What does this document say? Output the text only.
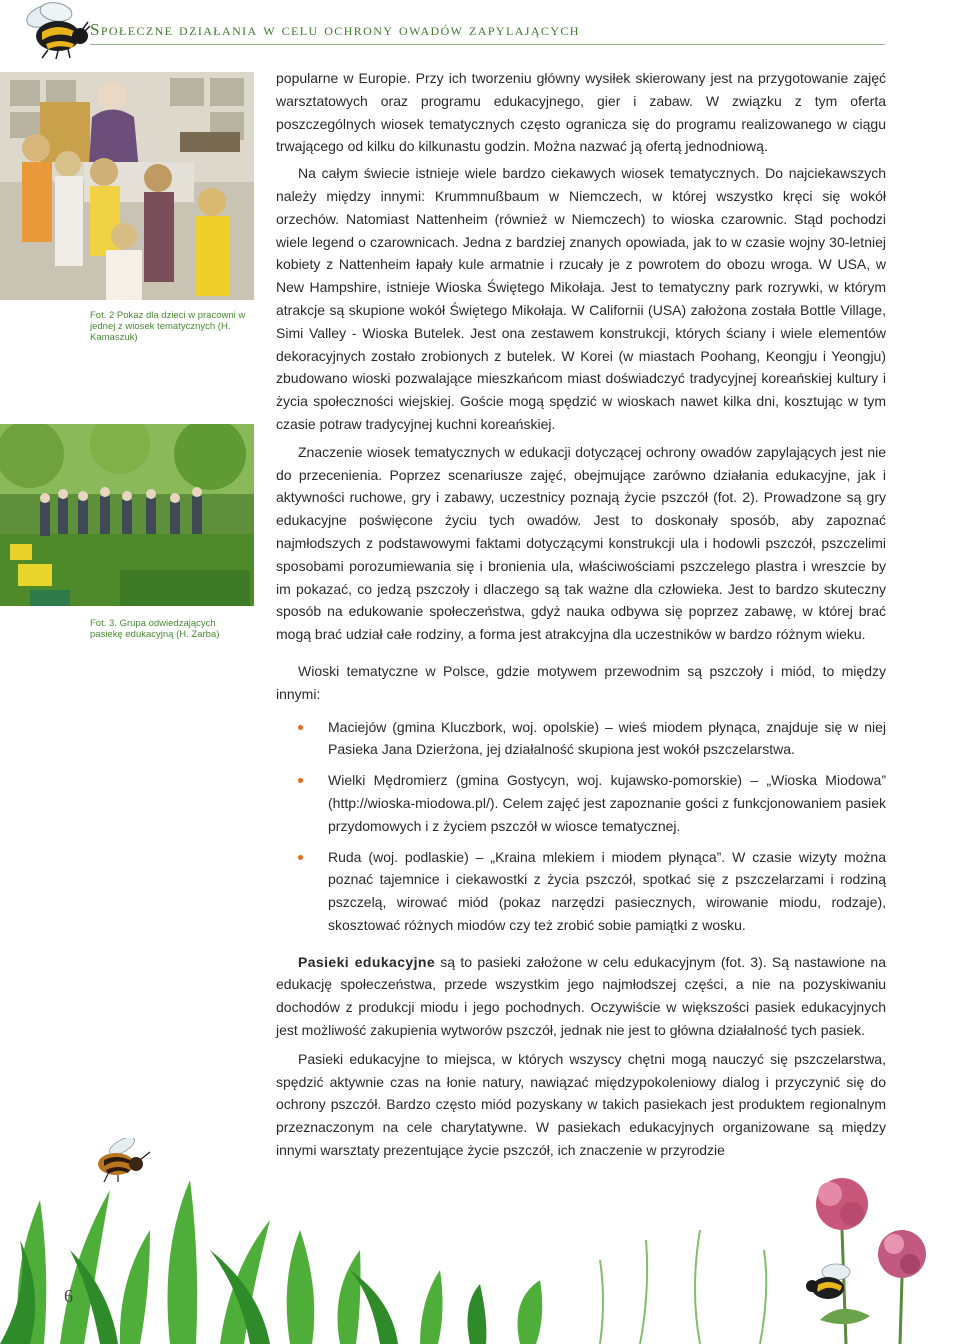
Społeczne działania w celu ochrony owadów zapylających
Fot. 2 Pokaz dla dzieci w pracowni w jednej z wiosek tematycznych (H. Kamaszuk)
Fot. 3. Grupa odwiedzających pasiekę edukacyjną (H. Zarba)

popularne w Europie. Przy ich tworzeniu główny wysiłek skierowany jest na przygotowanie zajęć warsztatowych oraz programu edukacyjnego, gier i zabaw. W związku z tym oferta poszczególnych wiosek tematycznych często ogranicza się do programu realizowanego w ciągu trwającego od kilku do kilkunastu godzin. Można nazwać ją ofertą jednodniową.

Na całym świecie istnieje wiele bardzo ciekawych wiosek tematycznych. Do najciekawszych należy między innymi: Krummnußbaum w Niemczech, w której wszystko kręci się wokół orzechów. Natomiast Nattenheim (również w Niemczech) to wioska czarownic. Stąd pochodzi wiele legend o czarownicach. Jedna z bardziej znanych opowiada, jak to w czasie wojny 30-letniej kobiety z Nattenheim łapały kule armatnie i rzucały je z powrotem do obozu wroga. W USA, w New Hampshire, istnieje Wioska Świętego Mikołaja. Jest to tematyczny park rozrywki, w którym atrakcje są skupione wokół Świętego Mikołaja. W Californii (USA) założona została Bottle Village, Simi Valley - Wioska Butelek. Jest ona zestawem konstrukcji, których ściany i wiele elementów dekoracyjnych zostało zrobionych z butelek. W Korei (w miastach Poohang, Keongju i Yeongju) zbudowano wioski pozwalające mieszkańcom miast doświadczyć tradycyjnej koreańskiej kultury i życia społeczności wiejskiej. Goście mogą spędzić w wioskach nawet kilka dni, kosztując w tym czasie potraw tradycyjnej kuchni koreańskiej.

Znaczenie wiosek tematycznych w edukacji dotyczącej ochrony owadów zapylających jest nie do przecenienia. Poprzez scenariusze zajęć, obejmujące zarówno działania edukacyjne, jak i aktywności ruchowe, gry i zabawy, uczestnicy poznają życie pszczół (fot. 2). Prowadzone są gry edukacyjne poświęcone życiu tych owadów. Jest to doskonały sposób, aby zapoznać najmłodszych z podstawowymi faktami dotyczącymi konstrukcji ula i hodowli pszczół, pszczelimi sposobami porozumiewania się i bronienia ula, właściwościami pszczelego plastra i wreszcie by im pokazać, co jedzą pszczoły i dlaczego są tak ważne dla człowieka. Jest to bardzo skuteczny sposób na edukowanie społeczeństwa, gdyż nauka odbywa się poprzez zabawę, w której brać mogą brać udział całe rodziny, a forma jest atrakcyjna dla uczestników w bardzo różnym wieku.

Wioski tematyczne w Polsce, gdzie motywem przewodnim są pszczoły i miód, to między innymi:

Maciejów (gmina Kluczbork, woj. opolskie) – wieś miodem płynąca, znajduje się w niej Pasieka Jana Dzierżona, jej działalność skupiona jest wokół pszczelarstwa.
Wielki Mędromierz (gmina Gostycyn, woj. kujawsko-pomorskie) – „Wioska Miodowa” (http://wioska-miodowa.pl/). Celem zajęć jest zapoznanie gości z funkcjonowaniem pasiek przydomowych i z życiem pszczół w wiosce tematycznej.
Ruda (woj. podlaskie) – „Kraina mlekiem i miodem płynąca”. W czasie wizyty można poznać tajemnice i ciekawostki z życia pszczół, spotkać się z pszczelarzami i rodziną pszczelą, wirować miód (pokaz narzędzi pasiecznych, wirowanie miodu, rodzaje), skosztować różnych miodów czy też zrobić sobie pamiątki z wosku.

Pasieki edukacyjne są to pasieki założone w celu edukacyjnym (fot. 3). Są nastawione na edukację społeczeństwa, przede wszystkim jego najmłodszej części, a nie na pozyskiwaniu dochodów z produkcji miodu i jego pochodnych. Oczywiście w większości pasiek edukacyjnych jest możliwość zakupienia wytworów pszczół, jednak nie jest to główna działalność tych pasiek.

Pasieki edukacyjne to miejsca, w których wszyscy chętni mogą nauczyć się pszczelarstwa, spędzić aktywnie czas na łonie natury, nawiązać międzypokoleniowy dialog i przyczynić się do ochrony pszczół. Bardzo często miód pozyskany w takich pasiekach jest produktem regionalnym przeznaczonym na cele charytatywne. W pasiekach edukacyjnych organizowane są między innymi warsztaty prezentujące życie pszczół, ich znaczenie w przyrodzie

6
